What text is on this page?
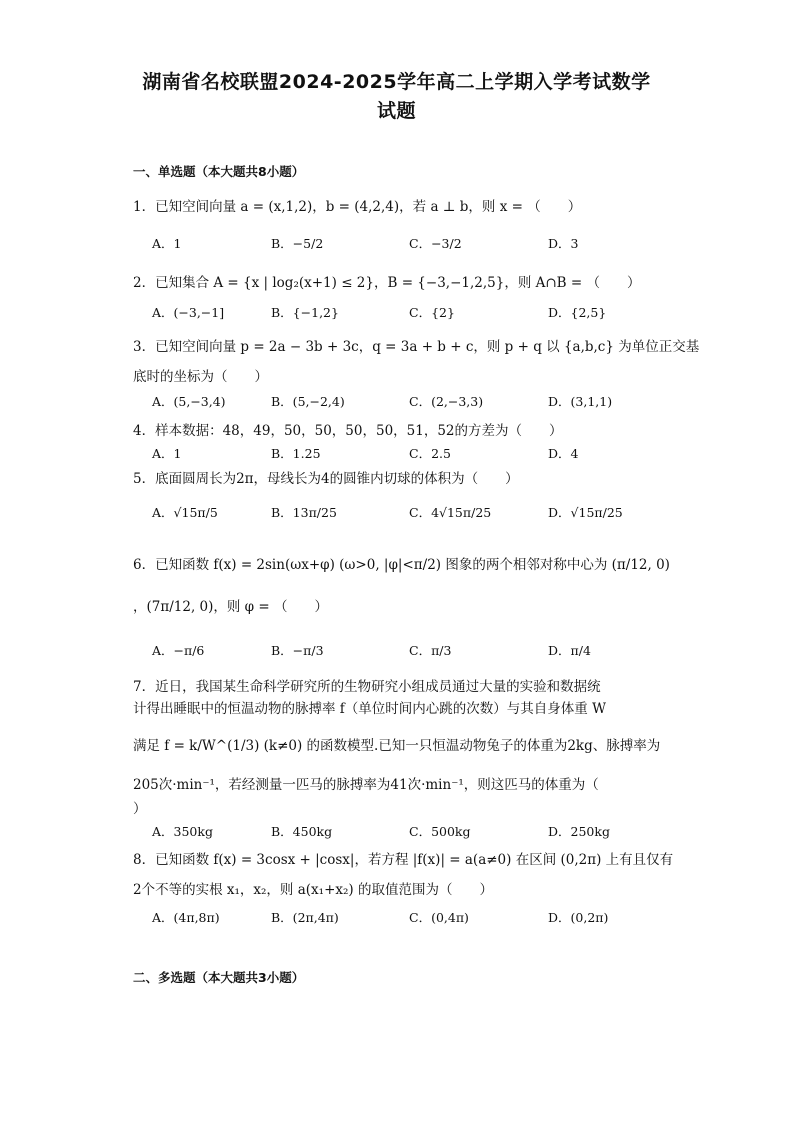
湖南省名校联盟2024-2025学年高二上学期入学考试数学
试题
一、单选题（本大题共8小题）
1．已知空间向量 a = (x,1,2)，b = (4,2,4)，若 a ⊥ b，则 x = （　　）
A．1	B．−5/2	C．−3/2	D．3
2．已知集合 A = {x | log₂(x+1) ≤ 2}，B = {−3,−1,2,5}，则 A∩B = （　　）
A．(−3,−1]	B．{−1,2}	C．{2}	D．{2,5}
3．已知空间向量 p = 2a − 3b + 3c，q = 3a + b + c，则 p + q 以 {a,b,c} 为单位正交基
底时的坐标为（　　）
A．(5,−3,4)	B．(5,−2,4)	C．(2,−3,3)	D．(3,1,1)
4．样本数据：48，49，50，50，50，50，51，52的方差为（　　）
A．1	B．1.25	C．2.5	D．4
5．底面圆周长为2π，母线长为4的圆锥内切球的体积为（　　）
A．√15π/5	B．13π/25	C．4√15π/25	D．√15π/25
6．已知函数 f(x) = 2sin(ωx+φ) (ω>0, |φ|<π/2) 图象的两个相邻对称中心为 (π/12, 0)
，(7π/12, 0)，则 φ = （　　）
A．−π/6	B．−π/3	C．π/3	D．π/4
7．近日，我国某生命科学研究所的生物研究小组成员通过大量的实验和数据统
计得出睡眠中的恒温动物的脉搏率 f（单位时间内心跳的次数）与其自身体重 W
满足 f = k/W^(1/3) (k≠0) 的函数模型.已知一只恒温动物兔子的体重为2kg、脉搏率为
205次·min⁻¹，若经测量一匹马的脉搏率为41次·min⁻¹，则这匹马的体重为（
）
A．350kg	B．450kg	C．500kg	D．250kg
8．已知函数 f(x) = 3cosx + |cosx|，若方程 |f(x)| = a(a≠0) 在区间 (0,2π) 上有且仅有
2个不等的实根 x₁，x₂，则 a(x₁+x₂) 的取值范围为（　　）
A．(4π,8π)	B．(2π,4π)	C．(0,4π)	D．(0,2π)
二、多选题（本大题共3小题）
